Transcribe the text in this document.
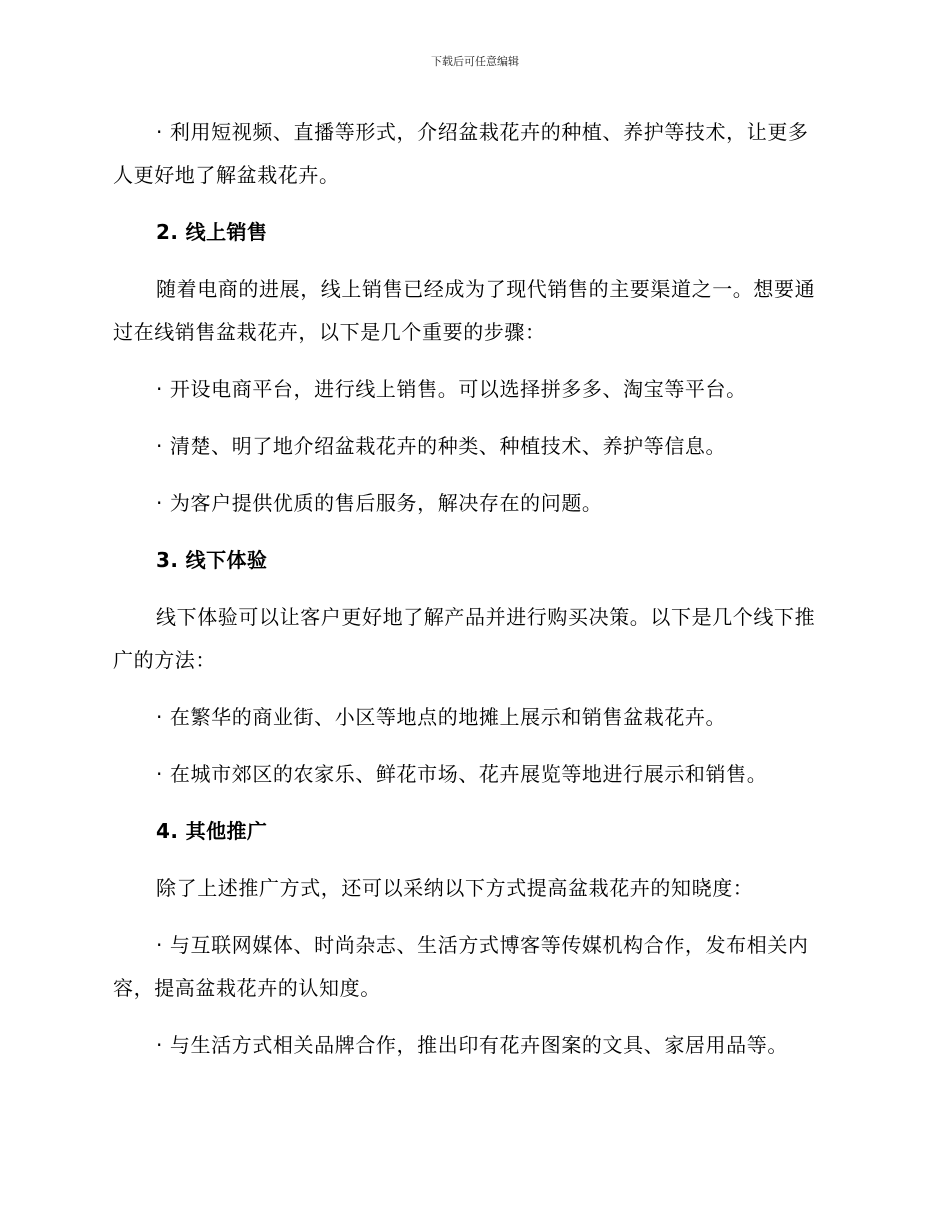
下载后可任意编辑

· 利用短视频、直播等形式，介绍盆栽花卉的种植、养护等技术，让更多人更好地了解盆栽花卉。

2. 线上销售

随着电商的进展，线上销售已经成为了现代销售的主要渠道之一。想要通过在线销售盆栽花卉，以下是几个重要的步骤：

· 开设电商平台，进行线上销售。可以选择拼多多、淘宝等平台。

· 清楚、明了地介绍盆栽花卉的种类、种植技术、养护等信息。

· 为客户提供优质的售后服务，解决存在的问题。

3. 线下体验

线下体验可以让客户更好地了解产品并进行购买决策。以下是几个线下推广的方法：

· 在繁华的商业街、小区等地点的地摊上展示和销售盆栽花卉。

· 在城市郊区的农家乐、鲜花市场、花卉展览等地进行展示和销售。

4. 其他推广

除了上述推广方式，还可以采纳以下方式提高盆栽花卉的知晓度：

· 与互联网媒体、时尚杂志、生活方式博客等传媒机构合作，发布相关内容，提高盆栽花卉的认知度。

· 与生活方式相关品牌合作，推出印有花卉图案的文具、家居用品等。
